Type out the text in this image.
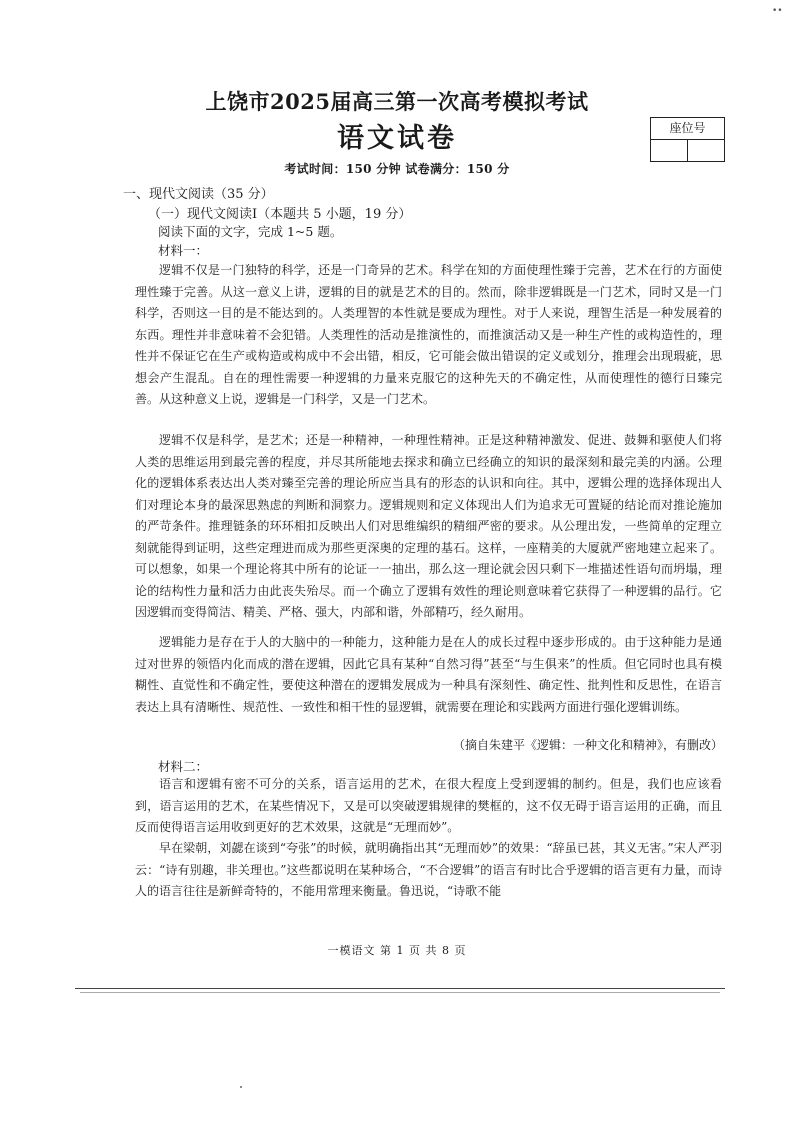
••
上饶市2025届高三第一次高考模拟考试
语文试卷	座位号
考试时间：150 分钟 试卷满分：150 分
一、现代文阅读（35 分）
（一）现代文阅读Ⅰ（本题共 5 小题，19 分）
阅读下面的文字，完成 1~5 题。
材料一：

逻辑不仅是一门独特的科学，还是一门奇异的艺术。科学在知的方面使理性臻于完善，艺术在行的方面使理性臻于完善。从这一意义上讲，逻辑的目的就是艺术的目的。然而，除非逻辑既是一门艺术，同时又是一门科学，否则这一目的是不能达到的。人类理智的本性就是要成为理性。对于人来说，理智生活是一种发展着的东西。理性并非意味着不会犯错。人类理性的活动是推演性的，而推演活动又是一种生产性的或构造性的，理性并不保证它在生产或构造或构成中不会出错，相反，它可能会做出错误的定义或划分，推理会出现瑕疵，思想会产生混乱。自在的理性需要一种逻辑的力量来克服它的这种先天的不确定性，从而使理性的德行日臻完善。从这种意义上说，逻辑是一门科学，又是一门艺术。

逻辑不仅是科学，是艺术；还是一种精神，一种理性精神。正是这种精神激发、促进、鼓舞和驱使人们将人类的思维运用到最完善的程度，并尽其所能地去探求和确立已经确立的知识的最深刻和最完美的内涵。公理化的逻辑体系表达出人类对臻至完善的理论所应当具有的形态的认识和向往。其中，逻辑公理的选择体现出人们对理论本身的最深思熟虑的判断和洞察力。逻辑规则和定义体现出人们为追求无可置疑的结论而对推论施加的严苛条件。推理链条的环环相扣反映出人们对思维编织的精细严密的要求。从公理出发，一些简单的定理立刻就能得到证明，这些定理进而成为那些更深奥的定理的基石。这样，一座精美的大厦就严密地建立起来了。可以想象，如果一个理论将其中所有的论证一一抽出，那么这一理论就会因只剩下一堆描述性语句而坍塌，理论的结构性力量和活力由此丧失殆尽。而一个确立了逻辑有效性的理论则意味着它获得了一种逻辑的品行。它因逻辑而变得简洁、精美、严格、强大，内部和谐，外部精巧，经久耐用。

逻辑能力是存在于人的大脑中的一种能力，这种能力是在人的成长过程中逐步形成的。由于这种能力是通过对世界的领悟内化而成的潜在逻辑，因此它具有某种“自然习得”甚至“与生俱来”的性质。但它同时也具有模糊性、直觉性和不确定性，要使这种潜在的逻辑发展成为一种具有深刻性、确定性、批判性和反思性，在语言表达上具有清晰性、规范性、一致性和相干性的显逻辑，就需要在理论和实践两方面进行强化逻辑训练。

（摘自朱建平《逻辑：一种文化和精神》，有删改）
材料二：

语言和逻辑有密不可分的关系，语言运用的艺术，在很大程度上受到逻辑的制约。但是，我们也应该看到，语言运用的艺术，在某些情况下，又是可以突破逻辑规律的樊框的，这不仅无碍于语言运用的正确，而且反而使得语言运用收到更好的艺术效果，这就是“无理而妙”。

早在梁朝，刘勰在谈到“夸张”的时候，就明确指出其“无理而妙”的效果：“辞虽已甚，其义无害。”宋人严羽云：“诗有别趣，非关理也。”这些都说明在某种场合，“不合逻辑”的语言有时比合乎逻辑的语言更有力量，而诗人的语言往往是新鲜奇特的，不能用常理来衡量。鲁迅说，“诗歌不能

一模语文 第 1 页 共 8 页
